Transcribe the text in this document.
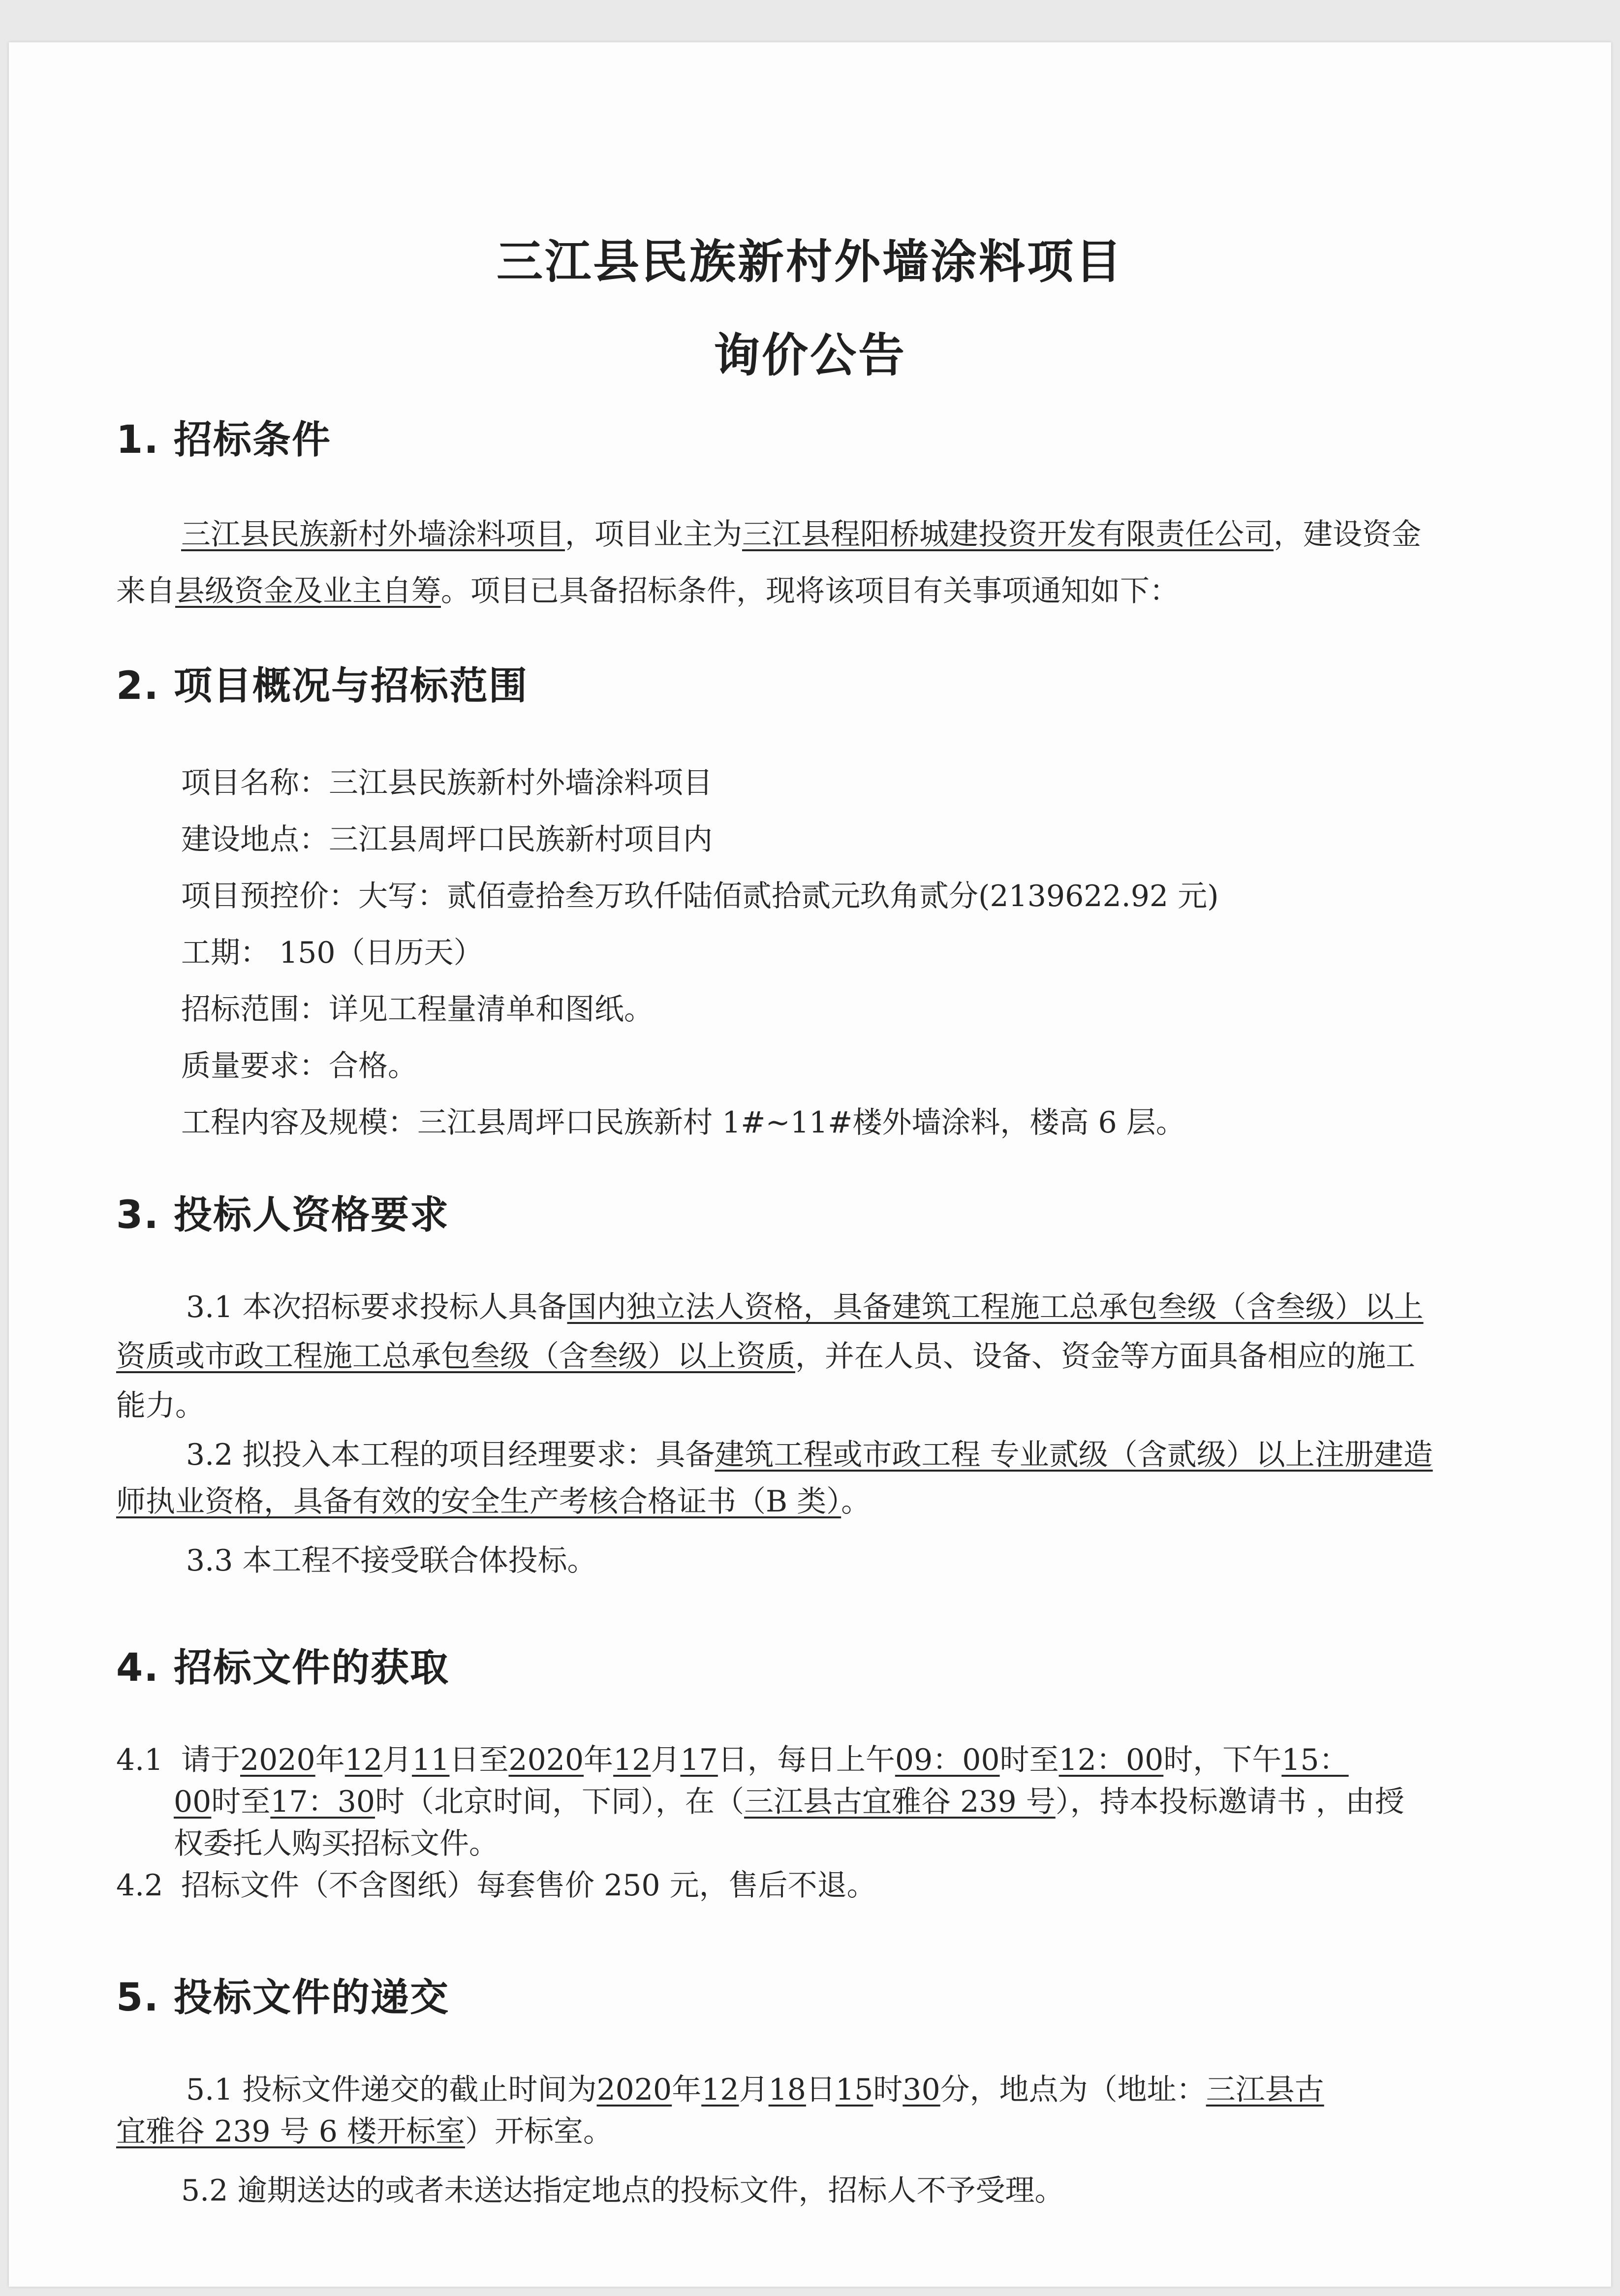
三江县民族新村外墙涂料项目
询价公告
1. 招标条件
三江县民族新村外墙涂料项目，项目业主为三江县程阳桥城建投资开发有限责任公司，建设资金
来自县级资金及业主自筹。项目已具备招标条件，现将该项目有关事项通知如下：
2. 项目概况与招标范围
项目名称：三江县民族新村外墙涂料项目
建设地点：三江县周坪口民族新村项目内
项目预控价：大写：贰佰壹拾叁万玖仟陆佰贰拾贰元玖角贰分(2139622.92 元)
工期： 150（日历天）
招标范围：详见工程量清单和图纸。
质量要求：合格。
工程内容及规模：三江县周坪口民族新村 1#~11#楼外墙涂料，楼高 6 层。
3. 投标人资格要求
3.1 本次招标要求投标人具备国内独立法人资格，具备建筑工程施工总承包叁级（含叁级）以上
资质或市政工程施工总承包叁级（含叁级）以上资质，并在人员、设备、资金等方面具备相应的施工
能力。
3.2 拟投入本工程的项目经理要求：具备建筑工程或市政工程 专业贰级（含贰级）以上注册建造
师执业资格，具备有效的安全生产考核合格证书（B 类）。
3.3 本工程不接受联合体投标。
4. 招标文件的获取
4.1 请于2020年12月11日至2020年12月17日，每日上午09：00时至12：00时，下午15：
00时至17：30时（北京时间，下同），在（三江县古宜雅谷 239 号），持本投标邀请书 ，由授
权委托人购买招标文件。
4.2 招标文件（不含图纸）每套售价 250 元，售后不退。
5. 投标文件的递交
5.1 投标文件递交的截止时间为2020年12月18日15时30分，地点为（地址：三江县古
宜雅谷 239 号 6 楼开标室）开标室。
5.2 逾期送达的或者未送达指定地点的投标文件，招标人不予受理。
